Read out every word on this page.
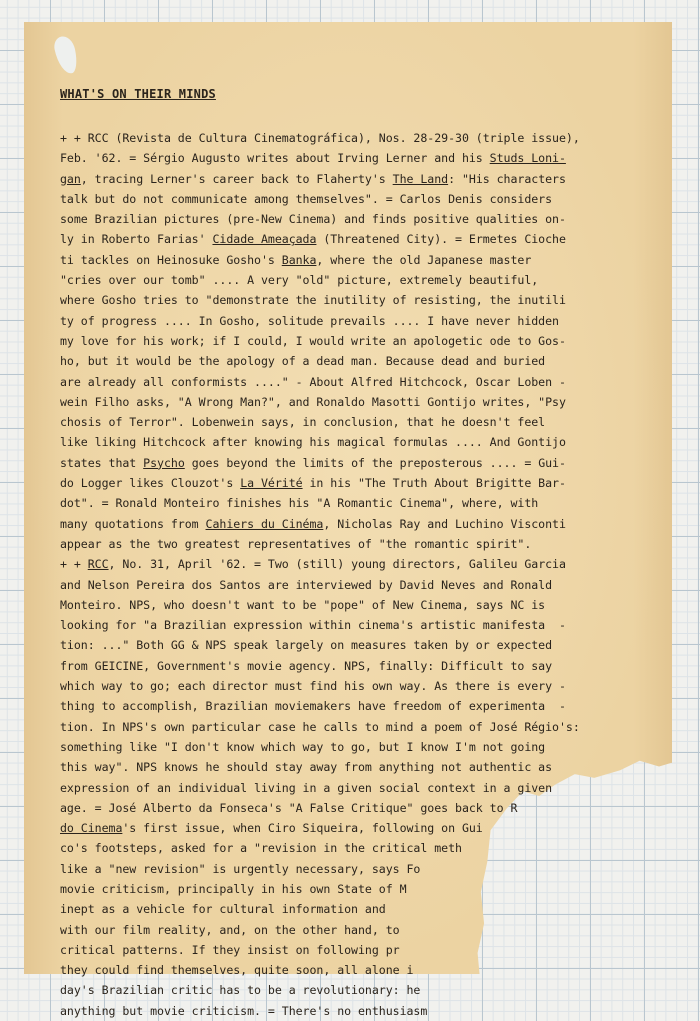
WHAT'S ON THEIR MINDS
+ + RCC (Revista de Cultura Cinematográfica), Nos. 28-29-30 (triple issue),
Feb. '62. = Sérgio Augusto writes about Irving Lerner and his Studs Loni-
gan, tracing Lerner's career back to Flaherty's The Land: "His characters
talk but do not communicate among themselves". = Carlos Denis considers
some Brazilian pictures (pre-New Cinema) and finds positive qualities on-
ly in Roberto Farias' Cidade Ameaçada (Threatened City). = Ermetes Cioche
ti tackles on Heinosuke Gosho's Banka, where the old Japanese master
"cries over our tomb" .... A very "old" picture, extremely beautiful,
where Gosho tries to "demonstrate the inutility of resisting, the inutili
ty of progress .... In Gosho, solitude prevails .... I have never hidden
my love for his work; if I could, I would write an apologetic ode to Gos-
ho, but it would be the apology of a dead man. Because dead and buried
are already all conformists ...." - About Alfred Hitchcock, Oscar Loben -
wein Filho asks, "A Wrong Man?", and Ronaldo Masotti Gontijo writes, "Psy
chosis of Terror". Lobenwein says, in conclusion, that he doesn't feel
like liking Hitchcock after knowing his magical formulas .... And Gontijo
states that Psycho goes beyond the limits of the preposterous .... = Gui-
do Logger likes Clouzot's La Vérité in his "The Truth About Brigitte Bar-
dot". = Ronald Monteiro finishes his "A Romantic Cinema", where, with
many quotations from Cahiers du Cinéma, Nicholas Ray and Luchino Visconti
appear as the two greatest representatives of "the romantic spirit".
+ + RCC, No. 31, April '62. = Two (still) young directors, Galileu Garcia
and Nelson Pereira dos Santos are interviewed by David Neves and Ronald
Monteiro. NPS, who doesn't want to be "pope" of New Cinema, says NC is
looking for "a Brazilian expression within cinema's artistic manifesta  -
tion: ..." Both GG & NPS speak largely on measures taken by or expected
from GEICINE, Government's movie agency. NPS, finally: Difficult to say
which way to go; each director must find his own way. As there is every -
thing to accomplish, Brazilian moviemakers have freedom of experimenta  -
tion. In NPS's own particular case he calls to mind a poem of José Régio's:
something like "I don't know which way to go, but I know I'm not going
this way". NPS knows he should stay away from anything not authentic as
expression of an individual living in a given social context in a given
age. = José Alberto da Fonseca's "A False Critique" goes back to R
do Cinema's first issue, when Ciro Siqueira, following on Gui
co's footsteps, asked for a "revision in the critical meth
like a "new revision" is urgently necessary, says Fo
movie criticism, principally in his own State of M
inept as a vehicle for cultural information and
with our film reality, and, on the other hand, to
critical patterns. If they insist on following pr
they could find themselves, quite soon, all alone i
day's Brazilian critic has to be a revolutionary: he
anything but movie criticism. = There's no enthusiasm
